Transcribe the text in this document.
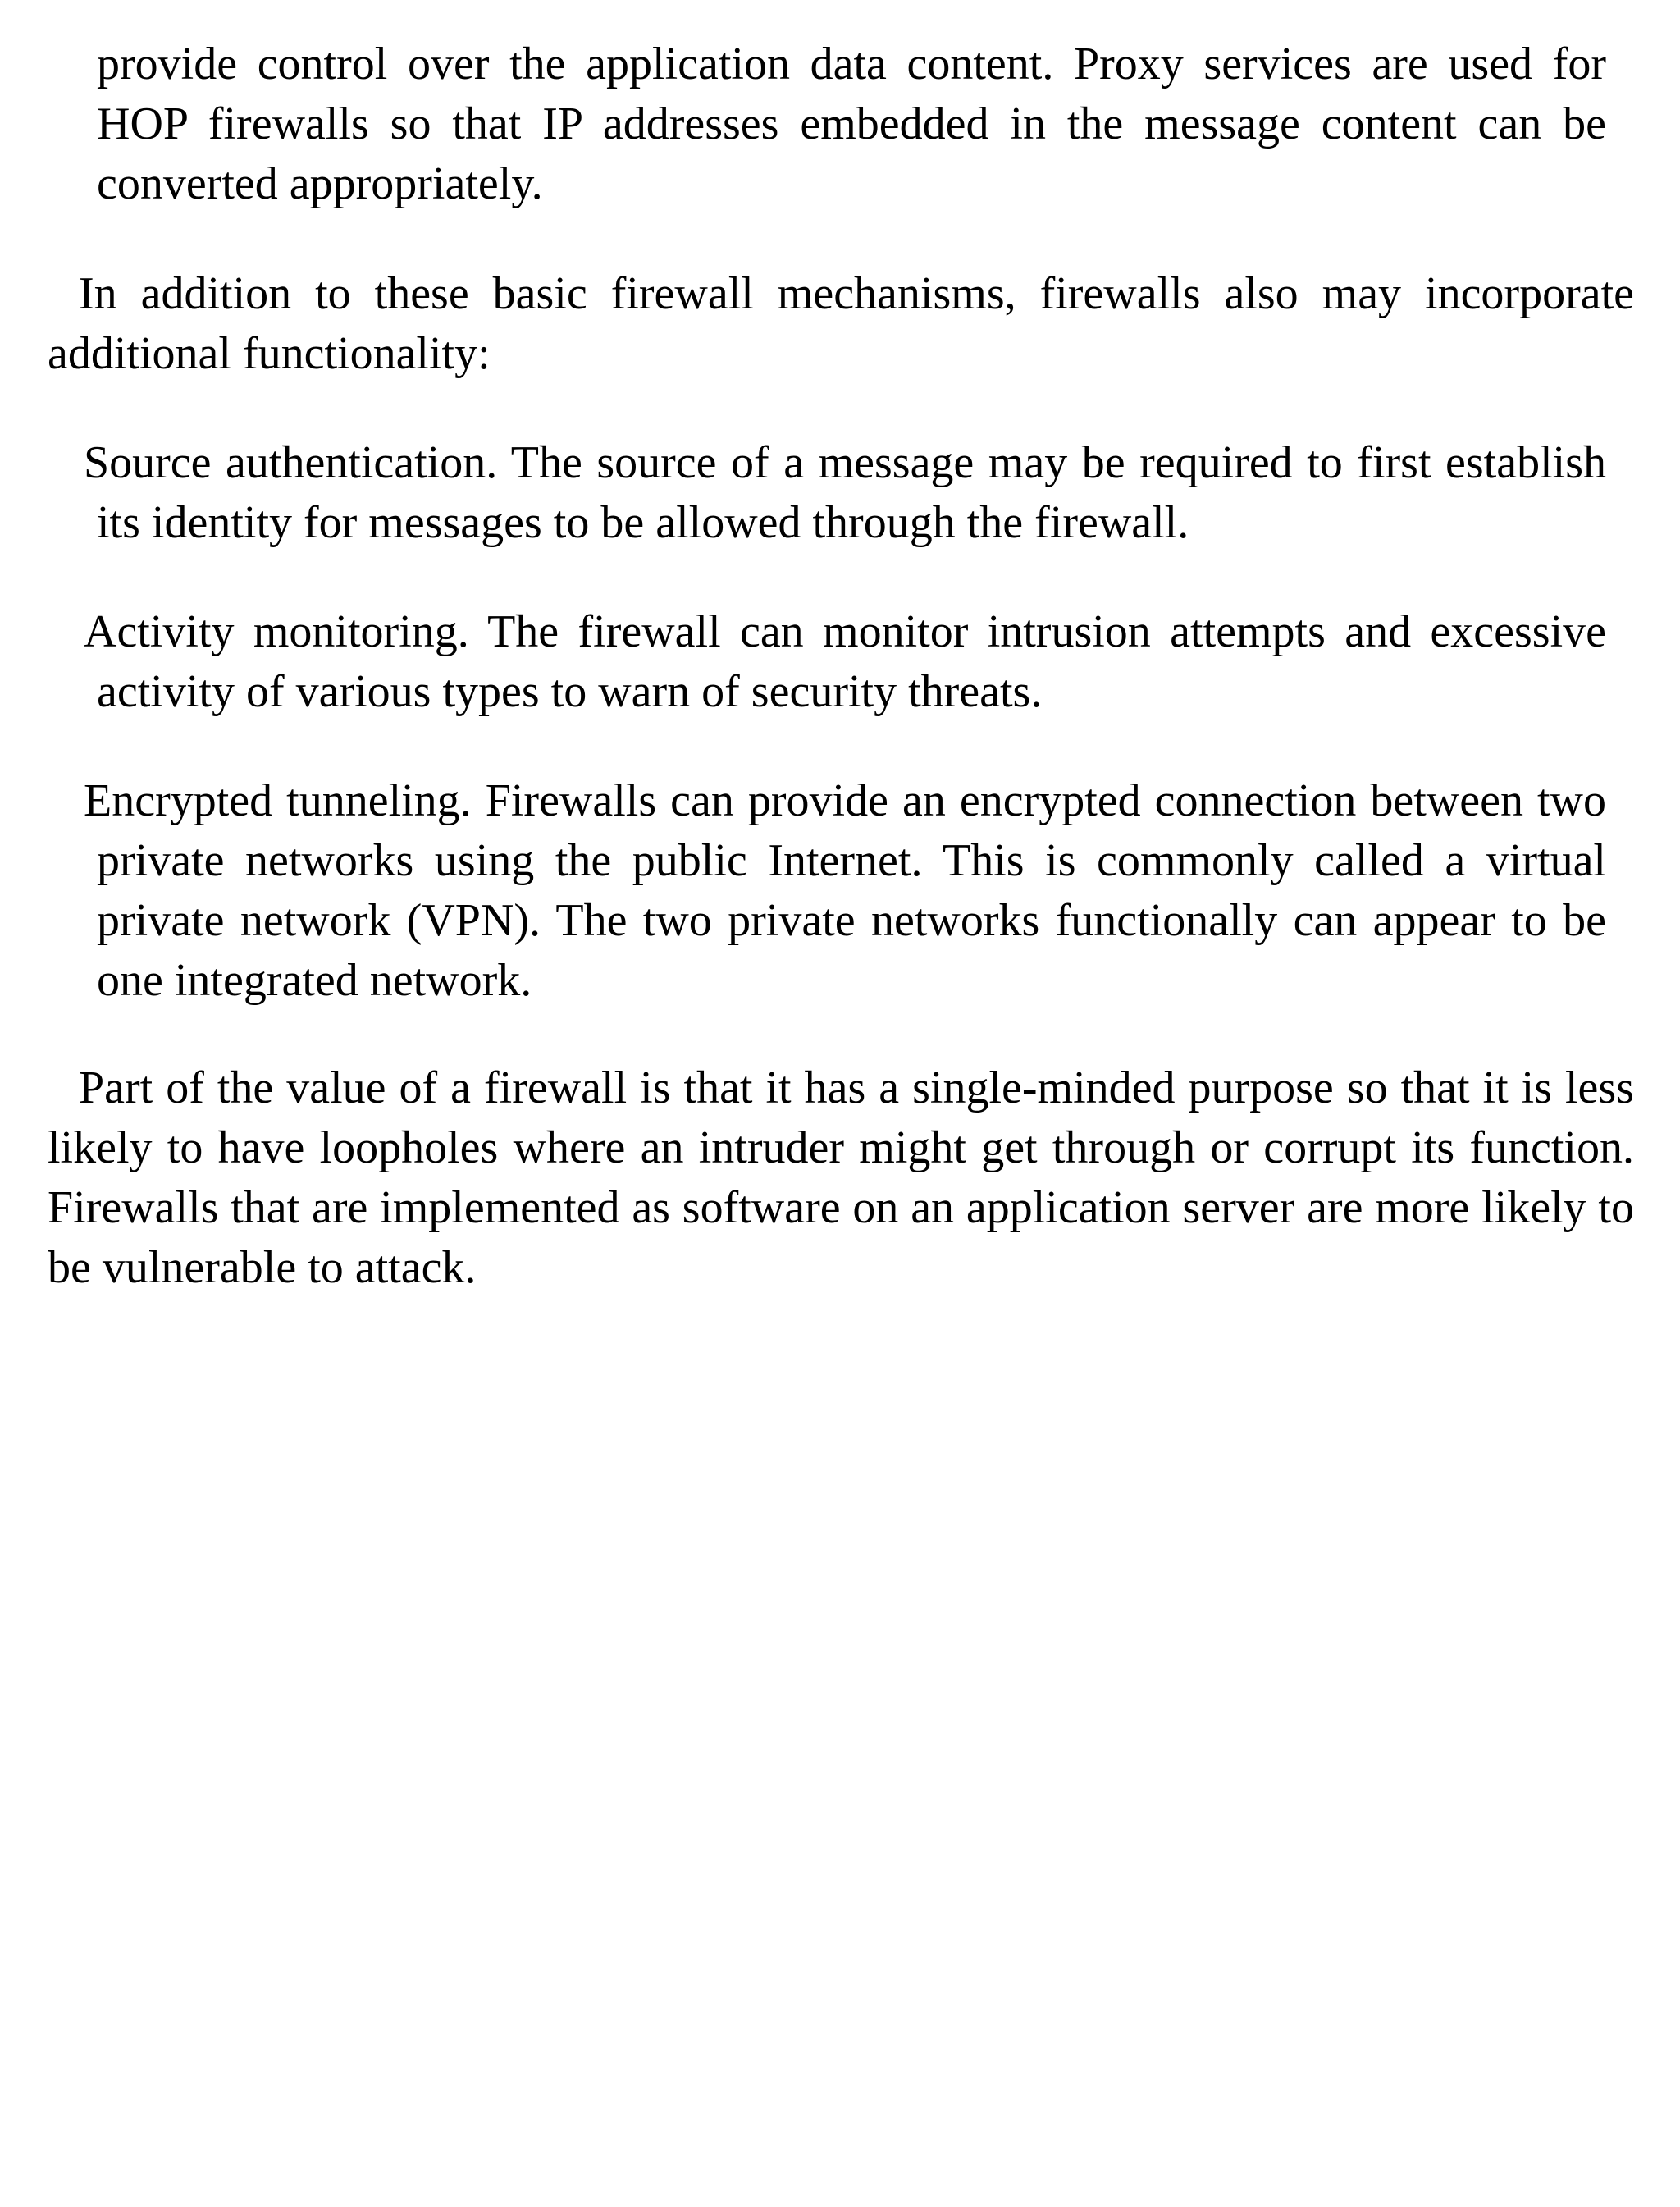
provide control over the application data content. Proxy services are used for HOP firewalls so that IP addresses embedded in the message content can be converted appropriately.

In addition to these basic firewall mechanisms, firewalls also may incorporate additional functionality:

Source authentication. The source of a message may be required to first establish its identity for messages to be allowed through the firewall.

Activity monitoring. The firewall can monitor intrusion attempts and excessive activity of various types to warn of security threats.

Encrypted tunneling. Firewalls can provide an encrypted connection between two private networks using the public Internet. This is commonly called a virtual private network (VPN). The two private networks functionally can appear to be one integrated network.

Part of the value of a firewall is that it has a single-minded purpose so that it is less likely to have loopholes where an intruder might get through or corrupt its function. Firewalls that are implemented as software on an application server are more likely to be vulnerable to attack.
